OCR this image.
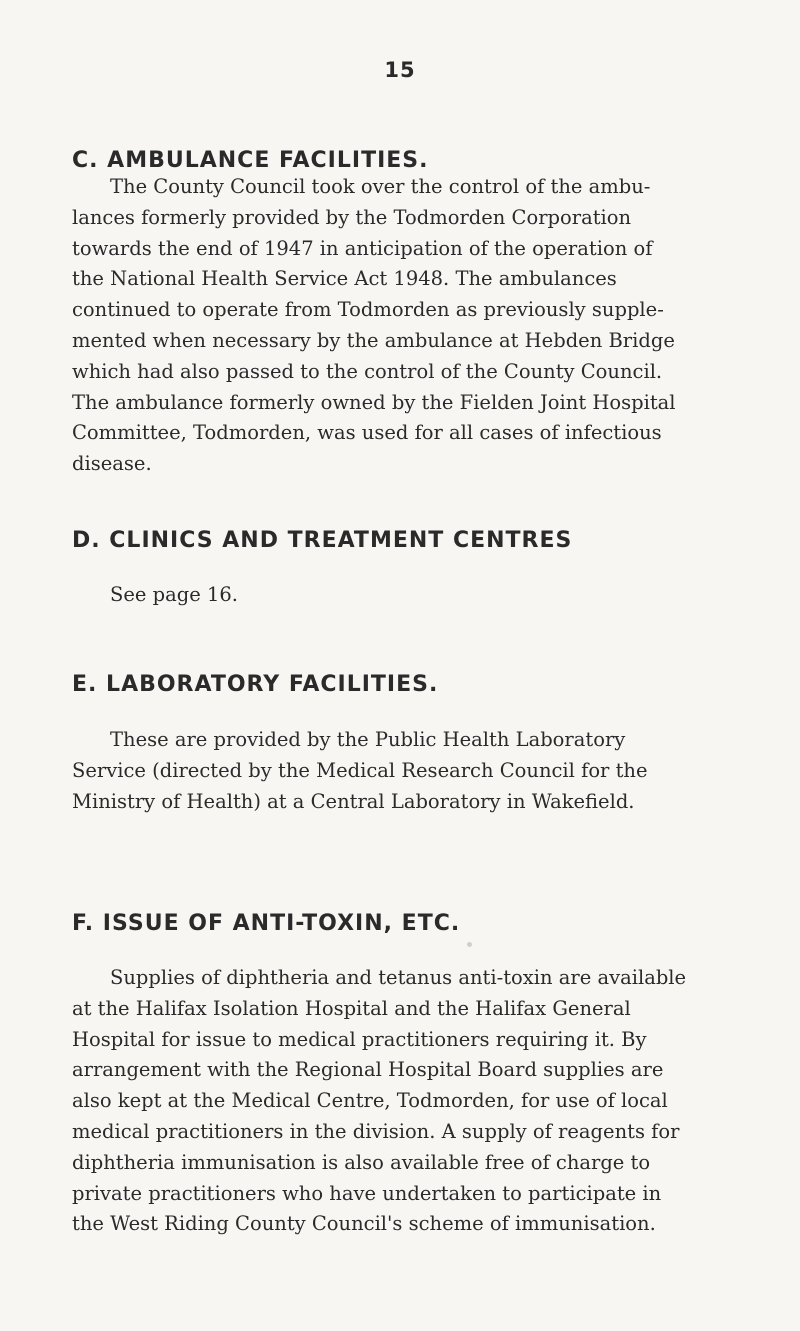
15
C. AMBULANCE FACILITIES.
The County Council took over the control of the ambu-
lances formerly provided by the Todmorden Corporation
towards the end of 1947 in anticipation of the operation of
the National Health Service Act 1948. The ambulances
continued to operate from Todmorden as previously supple-
mented when necessary by the ambulance at Hebden Bridge
which had also passed to the control of the County Council.
The ambulance formerly owned by the Fielden Joint Hospital
Committee, Todmorden, was used for all cases of infectious
disease.
D. CLINICS AND TREATMENT CENTRES
See page 16.
E. LABORATORY FACILITIES.
These are provided by the Public Health Laboratory
Service (directed by the Medical Research Council for the
Ministry of Health) at a Central Laboratory in Wakefield.
F. ISSUE OF ANTI-TOXIN, ETC.
Supplies of diphtheria and tetanus anti-toxin are available
at the Halifax Isolation Hospital and the Halifax General
Hospital for issue to medical practitioners requiring it. By
arrangement with the Regional Hospital Board supplies are
also kept at the Medical Centre, Todmorden, for use of local
medical practitioners in the division. A supply of reagents for
diphtheria immunisation is also available free of charge to
private practitioners who have undertaken to participate in
the West Riding County Council's scheme of immunisation.
